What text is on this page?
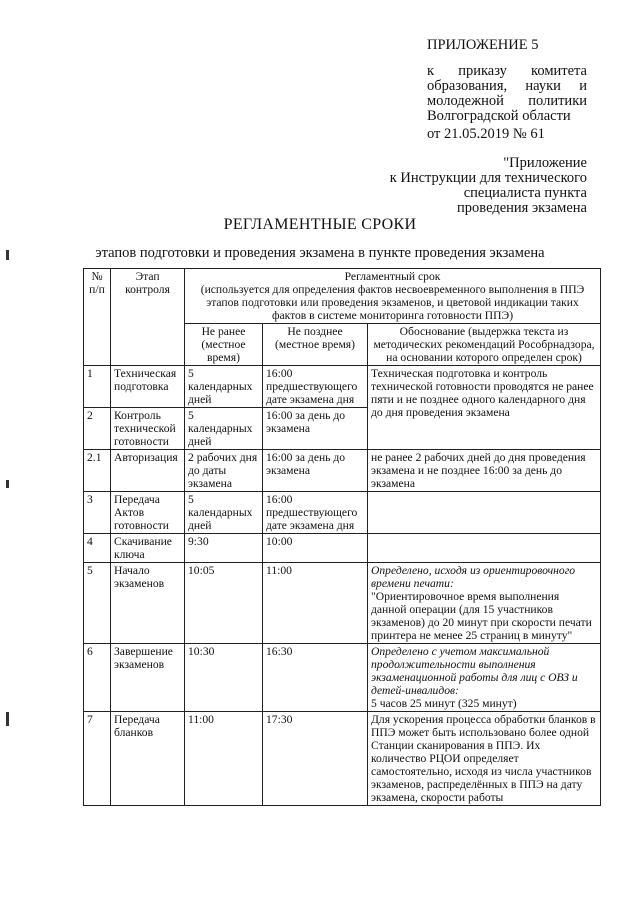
ПРИЛОЖЕНИЕ 5
к приказу комитета
образования, науки и
молодежной политики
Волгоградской области
от 21.05.2019 № 61
"Приложение
к Инструкции для технического
специалиста пункта
проведения экзамена
РЕГЛАМЕНТНЫЕ СРОКИ
этапов подготовки и проведения экзамена в пункте проведения экзамена
№ п/п	Этап контроля	Регламентный срок
(используется для определения фактов несвоевременного выполнения в ППЭ этапов подготовки или проведения экзаменов, и цветовой индикации таких фактов в системе мониторинга готовности ППЭ)		

		Не ранее (местное время)	Не позднее (местное время)	Обоснование (выдержка текста из методических рекомендаций Рособрнадзора, на основании которого определен срок)
1	Техническая подготовка	5 календарных дней	16:00 предшествующего дате экзамена дня	Техническая подготовка и контроль технической готовности проводятся не ранее пяти и не позднее одного календарного дня до дня проведения экзамена
2	Контроль технической готовности	5 календарных дней	16:00 за день до экзамена	
2.1	Авторизация	2 рабочих дня до даты экзамена	16:00 за день до экзамена	не ранее 2 рабочих дней до дня проведения экзамена и не позднее 16:00 за день до экзамена
3	Передача Актов готовности	5 календарных дней	16:00 предшествующего дате экзамена дня	
4	Скачивание ключа	9:30	10:00	
5	Начало экзаменов	10:05	11:00	Определено, исходя из ориентировочного времени печати:
"Ориентировочное время выполнения данной операции (для 15 участников экзаменов) до 20 минут при скорости печати принтера не менее 25 страниц в минуту"

6	Завершение экзаменов	10:30	16:30	Определено с учетом максимальной продолжительности выполнения экзаменационной работы для лиц с ОВЗ и детей-инвалидов:
5 часов 25 минут (325 минут)

7	Передача бланков	11:00	17:30	Для ускорения процесса обработки бланков в ППЭ может быть использовано более одной Станции сканирования в ППЭ. Их количество РЦОИ определяет самостоятельно, исходя из числа участников экзаменов, распределённых в ППЭ на дату экзамена, скорости работы
